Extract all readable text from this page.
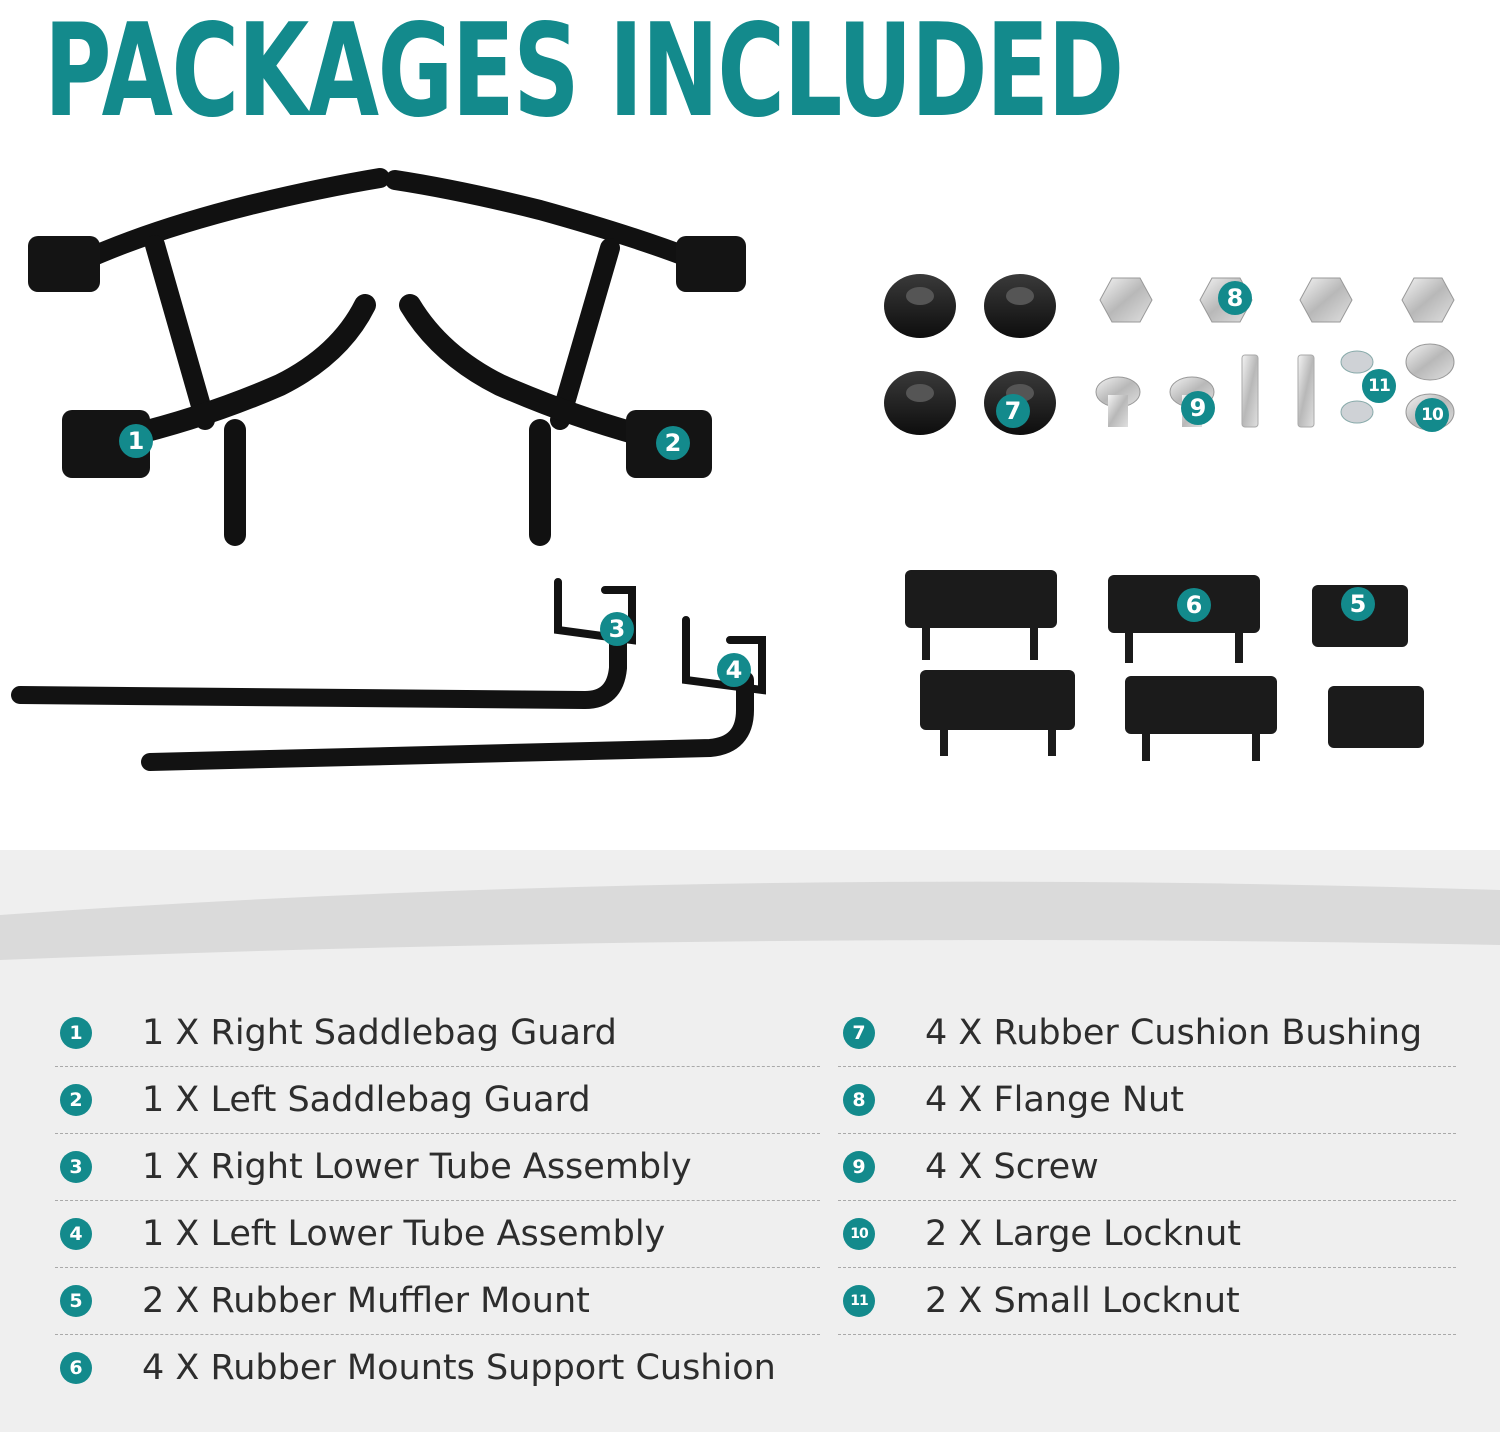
PACKAGES INCLUDED
1	2
3
4
5
6
7
8
9	10
11
1 1 X Right Saddlebag Guard
2 1 X Left Saddlebag Guard
3 1 X Right Lower Tube Assembly
4 1 X Left Lower Tube Assembly
5 2 X Rubber Muffler Mount
6 4 X Rubber Mounts Support Cushion
7 4 X Rubber Cushion Bushing
8 4 X Flange Nut
9 4 X Screw
10 2 X Large Locknut
11 2 X Small Locknut
